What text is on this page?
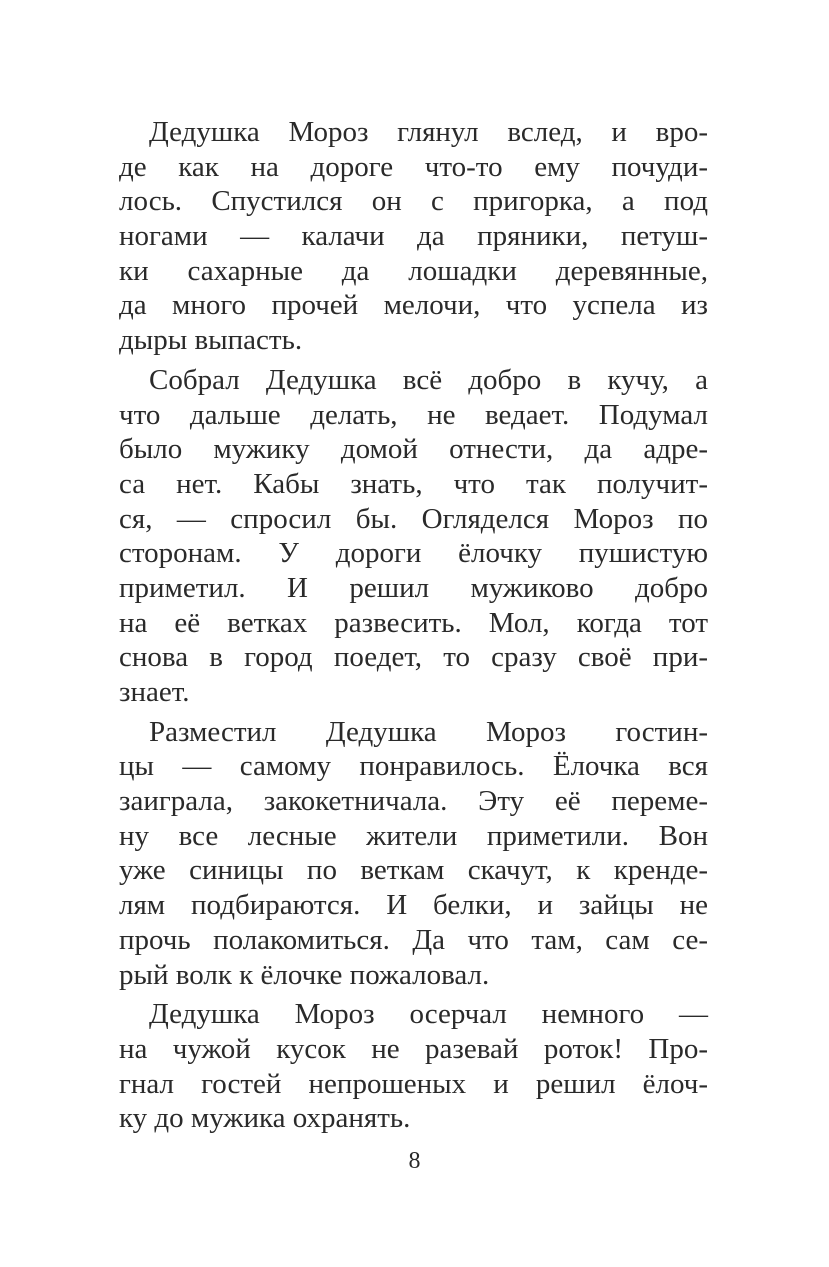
Дедушка Мороз глянул вслед, и вро-
де как на дороге что-то ему почуди-
лось. Спустился он с пригорка, а под
ногами — калачи да пряники, петуш-
ки сахарные да лошадки деревянные,
да много прочей мелочи, что успела из
дыры выпасть.

Собрал Дедушка всё добро в кучу, а
что дальше делать, не ведает. Подумал
было мужику домой отнести, да адре-
са нет. Кабы знать, что так получит-
ся, — спросил бы. Огляделся Мороз по
сторонам. У дороги ёлочку пушистую
приметил. И решил мужиково добро
на её ветках развесить. Мол, когда тот
снова в город поедет, то сразу своё при-
знает.

Разместил Дедушка Мороз гостин-
цы — самому понравилось. Ёлочка вся
заиграла, закокетничала. Эту её переме-
ну все лесные жители приметили. Вон
уже синицы по веткам скачут, к кренде-
лям подбираются. И белки, и зайцы не
прочь полакомиться. Да что там, сам се-
рый волк к ёлочке пожаловал.

Дедушка Мороз осерчал немного —
на чужой кусок не разевай роток! Про-
гнал гостей непрошеных и решил ёлоч-
ку до мужика охранять.

8
